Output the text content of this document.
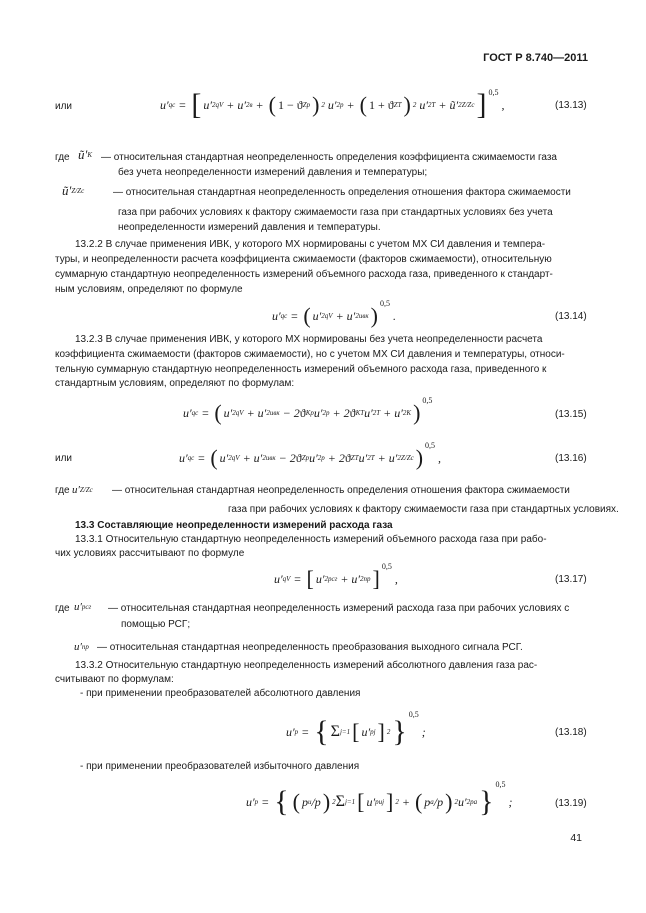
ГОСТ Р 8.740—2011
или	u′ q c = [ u′ 2 qV + u′ 2 в + ( 1 − ϑ Zp ) 2 u′ 2 p + ( 1 + ϑ ZT ) 2 u′ 2 T + ũ′ 2 Z/Zc ] 0,5
,	(13.13)
где ũ′ K — относительная стандартная неопределенность определения коэффициента сжимаемости газа
без учета неопределенности измерений давления и температуры;
ũ′ Z/Zc	— относительная стандартная неопределенность определения отношения фактора сжимаемости
газа при рабочих условиях к фактору сжимаемости газа при стандартных условиях без учета
неопределенности измерений давления и температуры.
13.2.2 В случае применения ИВК, у которого МХ нормированы с учетом МХ СИ давления и темпера-
туры, и неопределенности расчета коэффициента сжимаемости (факторов сжимаемости), относительную
суммарную стандартную неопределенность измерений объемного расхода газа, приведенного к стандарт-
ным условиям, определяют по формуле
u′ qc = ( u′ 2 qV + u′ 2 ивк ) 0,5
.	(13.14)
13.2.3 В случае применения ИВК, у которого МХ нормированы без учета неопределенности расчета
коэффициента сжимаемости (факторов сжимаемости), но с учетом МХ СИ давления и температуры, относи-
тельную суммарную стандартную неопределенность измерений объемного расхода газа, приведенного к
стандартным условиям, определяют по формулам:
u′ qc = ( u′ 2 qV + u′ 2 ивк − 2 ϑ Kp u′ 2 p + 2 ϑ KT u′ 2 T + u′ 2 K ) 0,5
(13.15)
или	u′ qc = ( u′ 2 qV + u′ 2 ивк − 2 ϑ Zp u′ 2 p + 2 ϑ ZT u′ 2 T + u′ 2 Z/Zc ) 0,5
,	(13.16)
где u′ Z/Zc — относительная стандартная неопределенность определения отношения фактора сжимаемости
газа при рабочих условиях к фактору сжимаемости газа при стандартных условиях.
13.3 Составляющие неопределенности измерений расхода газа
13.3.1 Относительную стандартную неопределенность измерений объемного расхода газа при рабо-
чих условиях рассчитывают по формуле
u′ qV = [ u′ 2 рсг + u′ 2 пр ] 0,5
,	(13.17)
где u′ рсг — относительная стандартная неопределенность измерений расхода газа при рабочих условиях с
помощью РСГ;
u′ пр — относительная стандартная неопределенность преобразования выходного сигнала РСГ.
13.3.2 Относительную стандартную неопределенность измерений абсолютного давления газа рас-
считывают по формулам:
- при применении преобразователей абсолютного давления
u′ p = { Σ j=1 [ u′ pj ] 2 }
0,5
;	(13.18)
- при применении преобразователей избыточного давления
u′ p = { ( p и /p ) 2 Σ j=1 [ u′ pиj ] 2 + ( p а /p ) 2 u′ 2 pа }
0,5
;	(13.19)
41
